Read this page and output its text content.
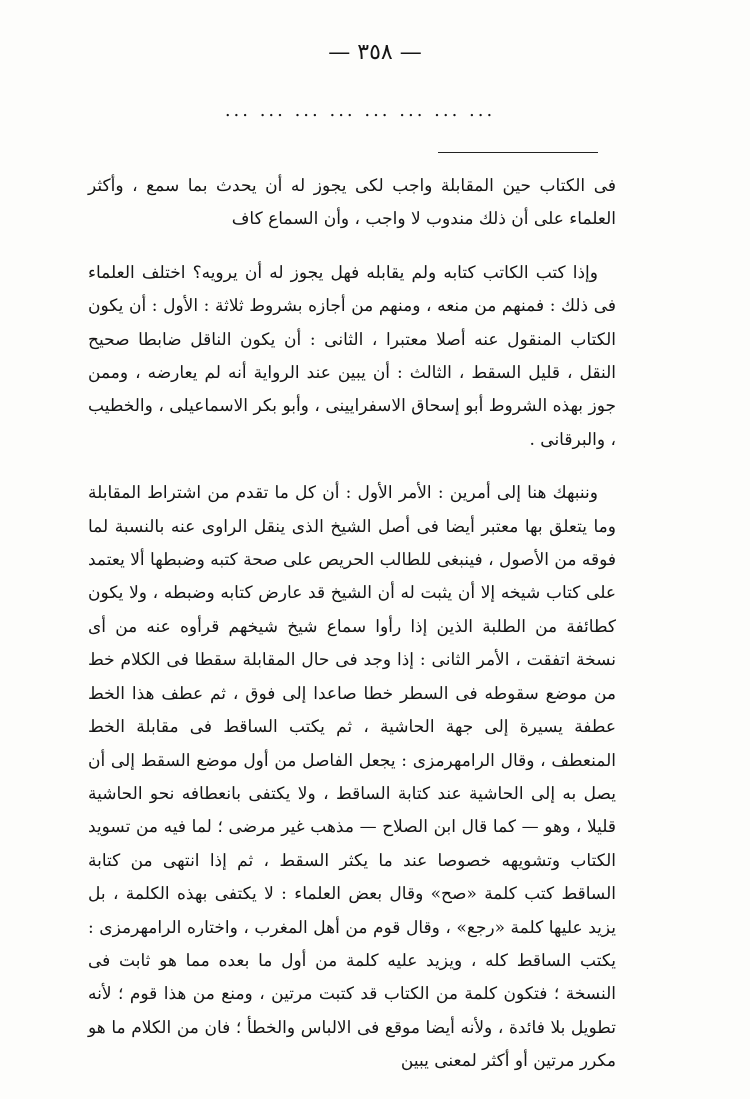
— ٣٥٨ —
... ... ... ... ... ... ... ...

فى الكتاب حين المقابلة واجب لكى يجوز له أن يحدث بما سمع ، وأكثر العلماء على أن ذلك مندوب لا واجب ، وأن السماع كاف

وإذا كتب الكاتب كتابه ولم يقابله فهل يجوز له أن يرويه؟ اختلف العلماء فى ذلك : فمنهم من منعه ، ومنهم من أجازه بشروط ثلاثة : الأول : أن يكون الكتاب المنقول عنه أصلا معتبرا ، الثانى : أن يكون الناقل ضابطا صحيح النقل ، قليل السقط ، الثالث : أن يبين عند الرواية أنه لم يعارضه ، وممن جوز بهذه الشروط أبو إسحاق الاسفرايينى ، وأبو بكر الاسماعيلى ، والخطيب ، والبرقانى .

وننبهك هنا إلى أمرين : الأمر الأول : أن كل ما تقدم من اشتراط المقابلة وما يتعلق بها معتبر أيضا فى أصل الشيخ الذى ينقل الراوى عنه بالنسبة لما فوقه من الأصول ، فينبغى للطالب الحريص على صحة كتبه وضبطها ألا يعتمد على كتاب شيخه إلا أن يثبت له أن الشيخ قد عارض كتابه وضبطه ، ولا يكون كطائفة من الطلبة الذين إذا رأوا سماع شيخ شيخهم قرأوه عنه من أى نسخة اتفقت ، الأمر الثانى : إذا وجد فى حال المقابلة سقطا فى الكلام خط من موضع سقوطه فى السطر خطا صاعدا إلى فوق ، ثم عطف هذا الخط عطفة يسيرة إلى جهة الحاشية ، ثم يكتب الساقط فى مقابلة الخط المنعطف ، وقال الرامهرمزى : يجعل الفاصل من أول موضع السقط إلى أن يصل به إلى الحاشية عند كتابة الساقط ، ولا يكتفى بانعطافه نحو الحاشية قليلا ، وهو — كما قال ابن الصلاح — مذهب غير مرضى ؛ لما فيه من تسويد الكتاب وتشويهه خصوصا عند ما يكثر السقط ، ثم إذا انتهى من كتابة الساقط كتب كلمة «صح» وقال بعض العلماء : لا يكتفى بهذه الكلمة ، بل يزيد عليها كلمة «رجع» ، وقال قوم من أهل المغرب ، واختاره الرامهرمزى : يكتب الساقط كله ، ويزيد عليه كلمة من أول ما بعده مما هو ثابت فى النسخة ؛ فتكون كلمة من الكتاب قد كتبت مرتين ، ومنع من هذا قوم ؛ لأنه تطويل بلا فائدة ، ولأنه أيضا موقع فى الالباس والخطأ ؛ فان من الكلام ما هو مكرر مرتين أو أكثر لمعنى يبين
